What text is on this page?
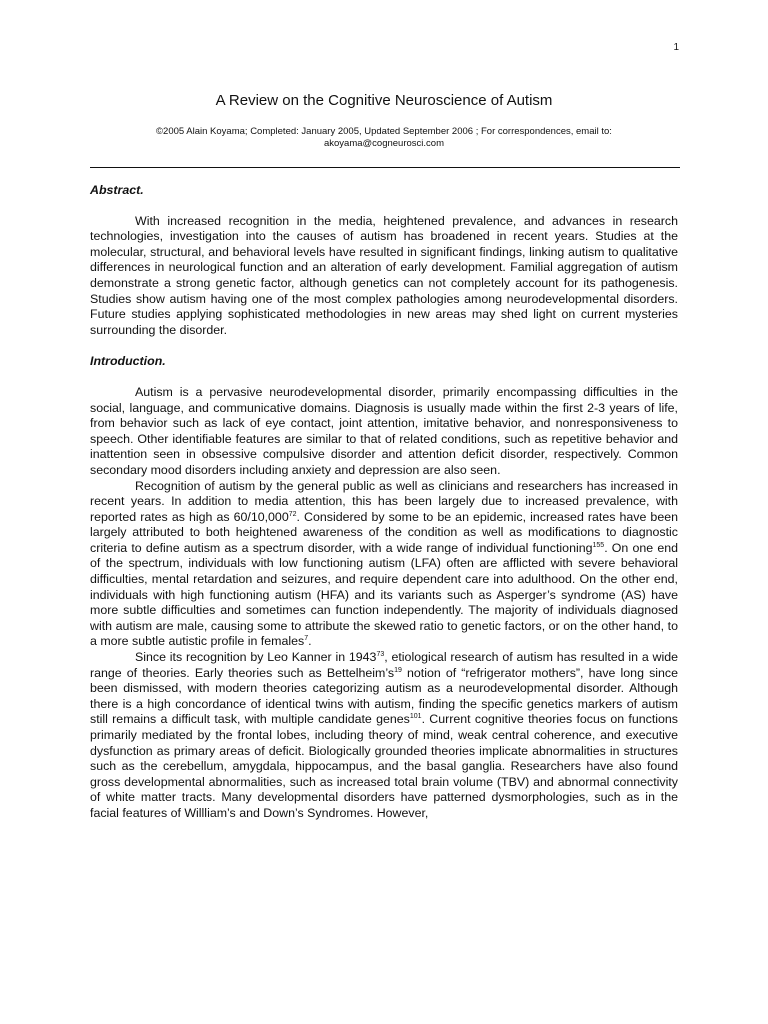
1
A Review on the Cognitive Neuroscience of Autism
©2005 Alain Koyama; Completed: January 2005, Updated September 2006 ; For correspondences, email to:
akoyama@cogneurosci.com
Abstract.

With increased recognition in the media, heightened prevalence, and advances in research technologies, investigation into the causes of autism has broadened in recent years. Studies at the molecular, structural, and behavioral levels have resulted in significant findings, linking autism to qualitative differences in neurological function and an alteration of early development. Familial aggregation of autism demonstrate a strong genetic factor, although genetics can not completely account for its pathogenesis. Studies show autism having one of the most complex pathologies among neurodevelopmental disorders. Future studies applying sophisticated methodologies in new areas may shed light on current mysteries surrounding the disorder.

Introduction.

Autism is a pervasive neurodevelopmental disorder, primarily encompassing difficulties in the social, language, and communicative domains. Diagnosis is usually made within the first 2-3 years of life, from behavior such as lack of eye contact, joint attention, imitative behavior, and nonresponsiveness to speech. Other identifiable features are similar to that of related conditions, such as repetitive behavior and inattention seen in obsessive compulsive disorder and attention deficit disorder, respectively. Common secondary mood disorders including anxiety and depression are also seen.

Recognition of autism by the general public as well as clinicians and researchers has increased in recent years. In addition to media attention, this has been largely due to increased prevalence, with reported rates as high as 60/10,000$^{72}$. Considered by some to be an epidemic, increased rates have been largely attributed to both heightened awareness of the condition as well as modifications to diagnostic criteria to define autism as a spectrum disorder, with a wide range of individual functioning$^{155}$. On one end of the spectrum, individuals with low functioning autism (LFA) often are afflicted with severe behavioral difficulties, mental retardation and seizures, and require dependent care into adulthood. On the other end, individuals with high functioning autism (HFA) and its variants such as Asperger’s syndrome (AS) have more subtle difficulties and sometimes can function independently. The majority of individuals diagnosed with autism are male, causing some to attribute the skewed ratio to genetic factors, or on the other hand, to a more subtle autistic profile in females$^7$.

Since its recognition by Leo Kanner in 1943$^{73}$, etiological research of autism has resulted in a wide range of theories. Early theories such as $Bettelheim’s^{19}$ notion of “refrigerator mothers”, have long since been dismissed, with modern theories categorizing autism as a neurodevelopmental disorder. Although there is a high concordance of identical twins with autism, finding the specific genetics markers of autism still remains a difficult task, with multiple candidate genes$^{101}$. Current cognitive theories focus on functions primarily mediated by the frontal lobes, including theory of mind, weak central coherence, and executive dysfunction as primary areas of deficit. Biologically grounded theories implicate abnormalities in structures such as the cerebellum, amygdala, hippocampus, and the basal ganglia. Researchers have also found gross developmental abnormalities, such as increased total brain volume (TBV) and abnormal connectivity of white matter tracts. Many developmental disorders have patterned dysmorphologies, such as in the facial features of Willliam’s and Down’s Syndromes. However,
